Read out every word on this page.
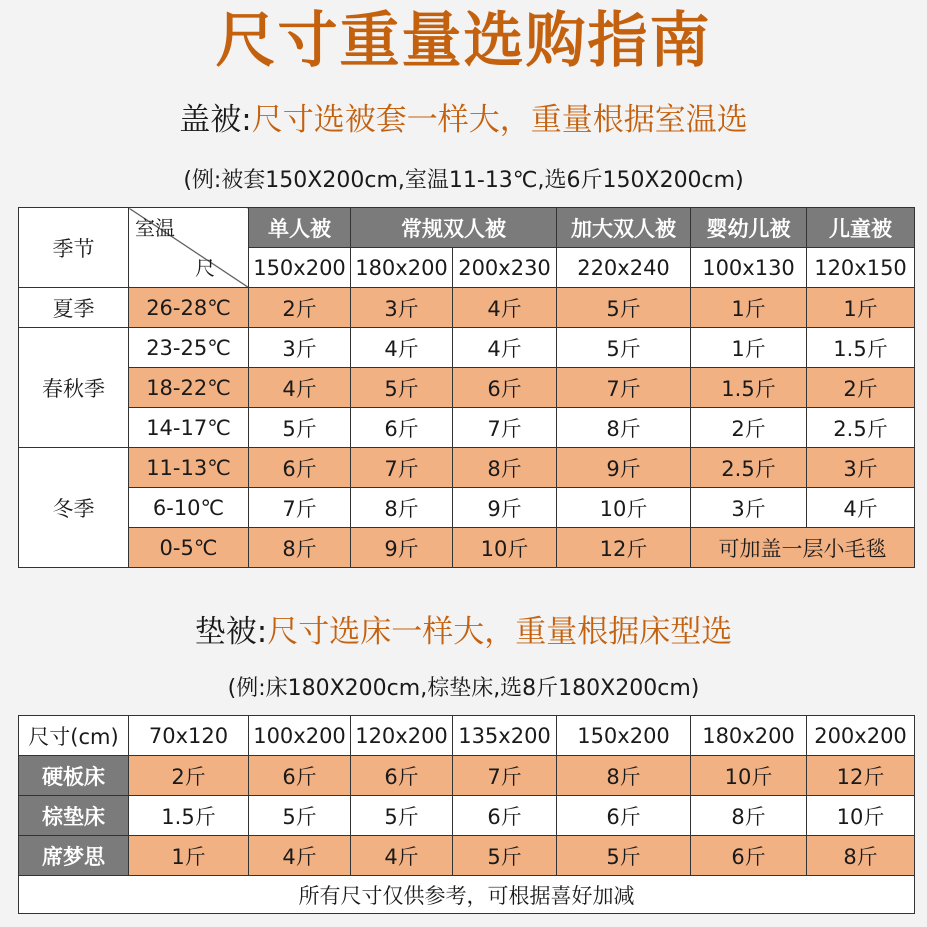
尺寸重量选购指南
盖被:尺寸选被套一样大，重量根据室温选
(例:被套150X200cm,室温11-13℃,选6斤150X200cm)
季节	室温
尺	单人被	常规双人被		加大双人被	婴幼儿被	儿童被
		150x200	180x200	200x230	220x240	100x130	120x150
夏季	26-28℃	2斤	3斤	4斤	5斤	1斤	1斤
春秋季	23-25℃	3斤	4斤	4斤	5斤	1斤	1.5斤
	18-22℃	4斤	5斤	6斤	7斤	1.5斤	2斤
	14-17℃	5斤	6斤	7斤	8斤	2斤	2.5斤
冬季	11-13℃	6斤	7斤	8斤	9斤	2.5斤	3斤
	6-10℃	7斤	8斤	9斤	10斤	3斤	4斤
	0-5℃	8斤	9斤	10斤	12斤	可加盖一层小毛毯	
垫被:尺寸选床一样大，重量根据床型选
(例:床180X200cm,棕垫床,选8斤180X200cm)
尺寸(cm)	70x120	100x200	120x200	135x200	150x200	180x200	200x200
硬板床	2斤	6斤	6斤	7斤	8斤	10斤	12斤
棕垫床	1.5斤	5斤	5斤	6斤	6斤	8斤	10斤
席梦思	1斤	4斤	4斤	5斤	5斤	6斤	8斤
所有尺寸仅供参考，可根据喜好加减							
